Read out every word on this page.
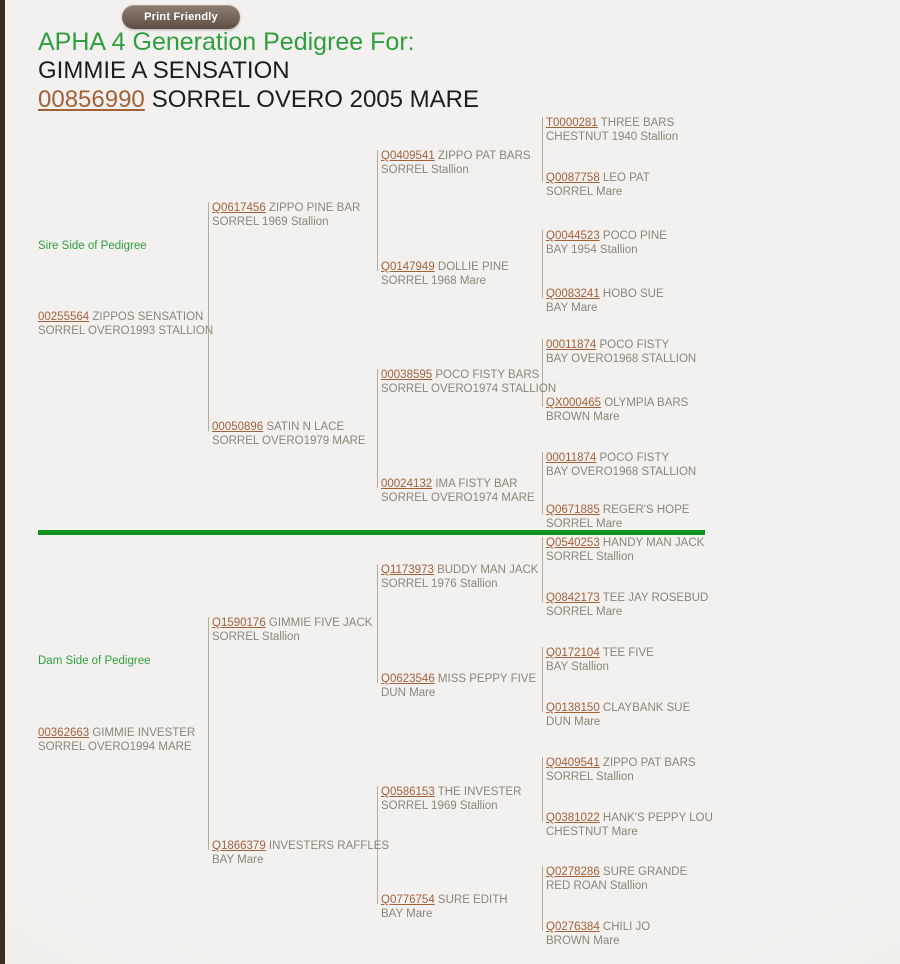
Print Friendly
APHA 4 Generation Pedigree For:
GIMMIE A SENSATION
00856990 SORREL OVERO 2005 MARE
Sire Side of Pedigree
Dam Side of Pedigree
00255564 ZIPPOS SENSATION
SORREL OVERO1993 STALLION
00362663 GIMMIE INVESTER
SORREL OVERO1994 MARE
Q0617456 ZIPPO PINE BAR
SORREL 1969 Stallion
00050896 SATIN N LACE
SORREL OVERO1979 MARE
Q1590176 GIMMIE FIVE JACK
SORREL Stallion
Q1866379 INVESTERS RAFFLES
BAY Mare
Q0409541 ZIPPO PAT BARS
SORREL Stallion
Q0147949 DOLLIE PINE
SORREL 1968 Mare
00038595 POCO FISTY BARS
SORREL OVERO1974 STALLION
00024132 IMA FISTY BAR
SORREL OVERO1974 MARE
Q1173973 BUDDY MAN JACK
SORREL 1976 Stallion
Q0623546 MISS PEPPY FIVE
DUN Mare
Q0586153 THE INVESTER
SORREL 1969 Stallion
Q0776754 SURE EDITH
BAY Mare
T0000281 THREE BARS
CHESTNUT 1940 Stallion
Q0087758 LEO PAT
SORREL Mare
Q0044523 POCO PINE
BAY 1954 Stallion
Q0083241 HOBO SUE
BAY Mare
00011874 POCO FISTY
BAY OVERO1968 STALLION
QX000465 OLYMPIA BARS
BROWN Mare
00011874 POCO FISTY
BAY OVERO1968 STALLION
Q0671885 REGER'S HOPE
SORREL Mare
Q0540253 HANDY MAN JACK
SORREL Stallion
Q0842173 TEE JAY ROSEBUD
SORREL Mare
Q0172104 TEE FIVE
BAY Stallion
Q0138150 CLAYBANK SUE
DUN Mare
Q0409541 ZIPPO PAT BARS
SORREL Stallion
Q0381022 HANK'S PEPPY LOU
CHESTNUT Mare
Q0278286 SURE GRANDE
RED ROAN Stallion
Q0276384 CHILI JO
BROWN Mare
